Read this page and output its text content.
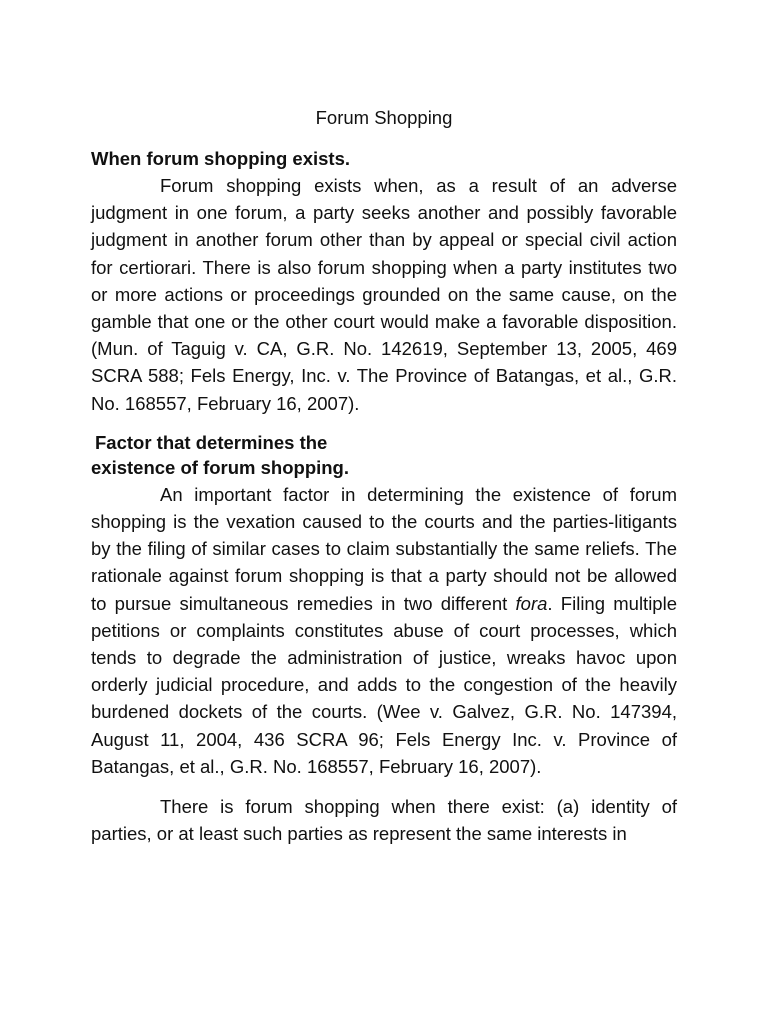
Forum Shopping
When forum shopping exists.

Forum shopping exists when, as a result of an adverse judgment in one forum, a party seeks another and possibly favorable judgment in another forum other than by appeal or special civil action for certiorari. There is also forum shopping when a party institutes two or more actions or proceedings grounded on the same cause, on the gamble that one or the other court would make a favorable disposition. (Mun. of Taguig v. CA, G.R. No. 142619, September 13, 2005, 469 SCRA 588; Fels Energy, Inc. v. The Province of Batangas, et al., G.R. No. 168557, February 16, 2007).

Factor that determines the
existence of forum shopping.

An important factor in determining the existence of forum shopping is the vexation caused to the courts and the parties-litigants by the filing of similar cases to claim substantially the same reliefs. The rationale against forum shopping is that a party should not be allowed to pursue simultaneous remedies in two different fora. Filing multiple petitions or complaints constitutes abuse of court processes, which tends to degrade the administration of justice, wreaks havoc upon orderly judicial procedure, and adds to the congestion of the heavily burdened dockets of the courts. (Wee v. Galvez, G.R. No. 147394, August 11, 2004, 436 SCRA 96; Fels Energy Inc. v. Province of Batangas, et al., G.R. No. 168557, February 16, 2007).

There is forum shopping when there exist: (a) identity of parties, or at least such parties as represent the same interests in
